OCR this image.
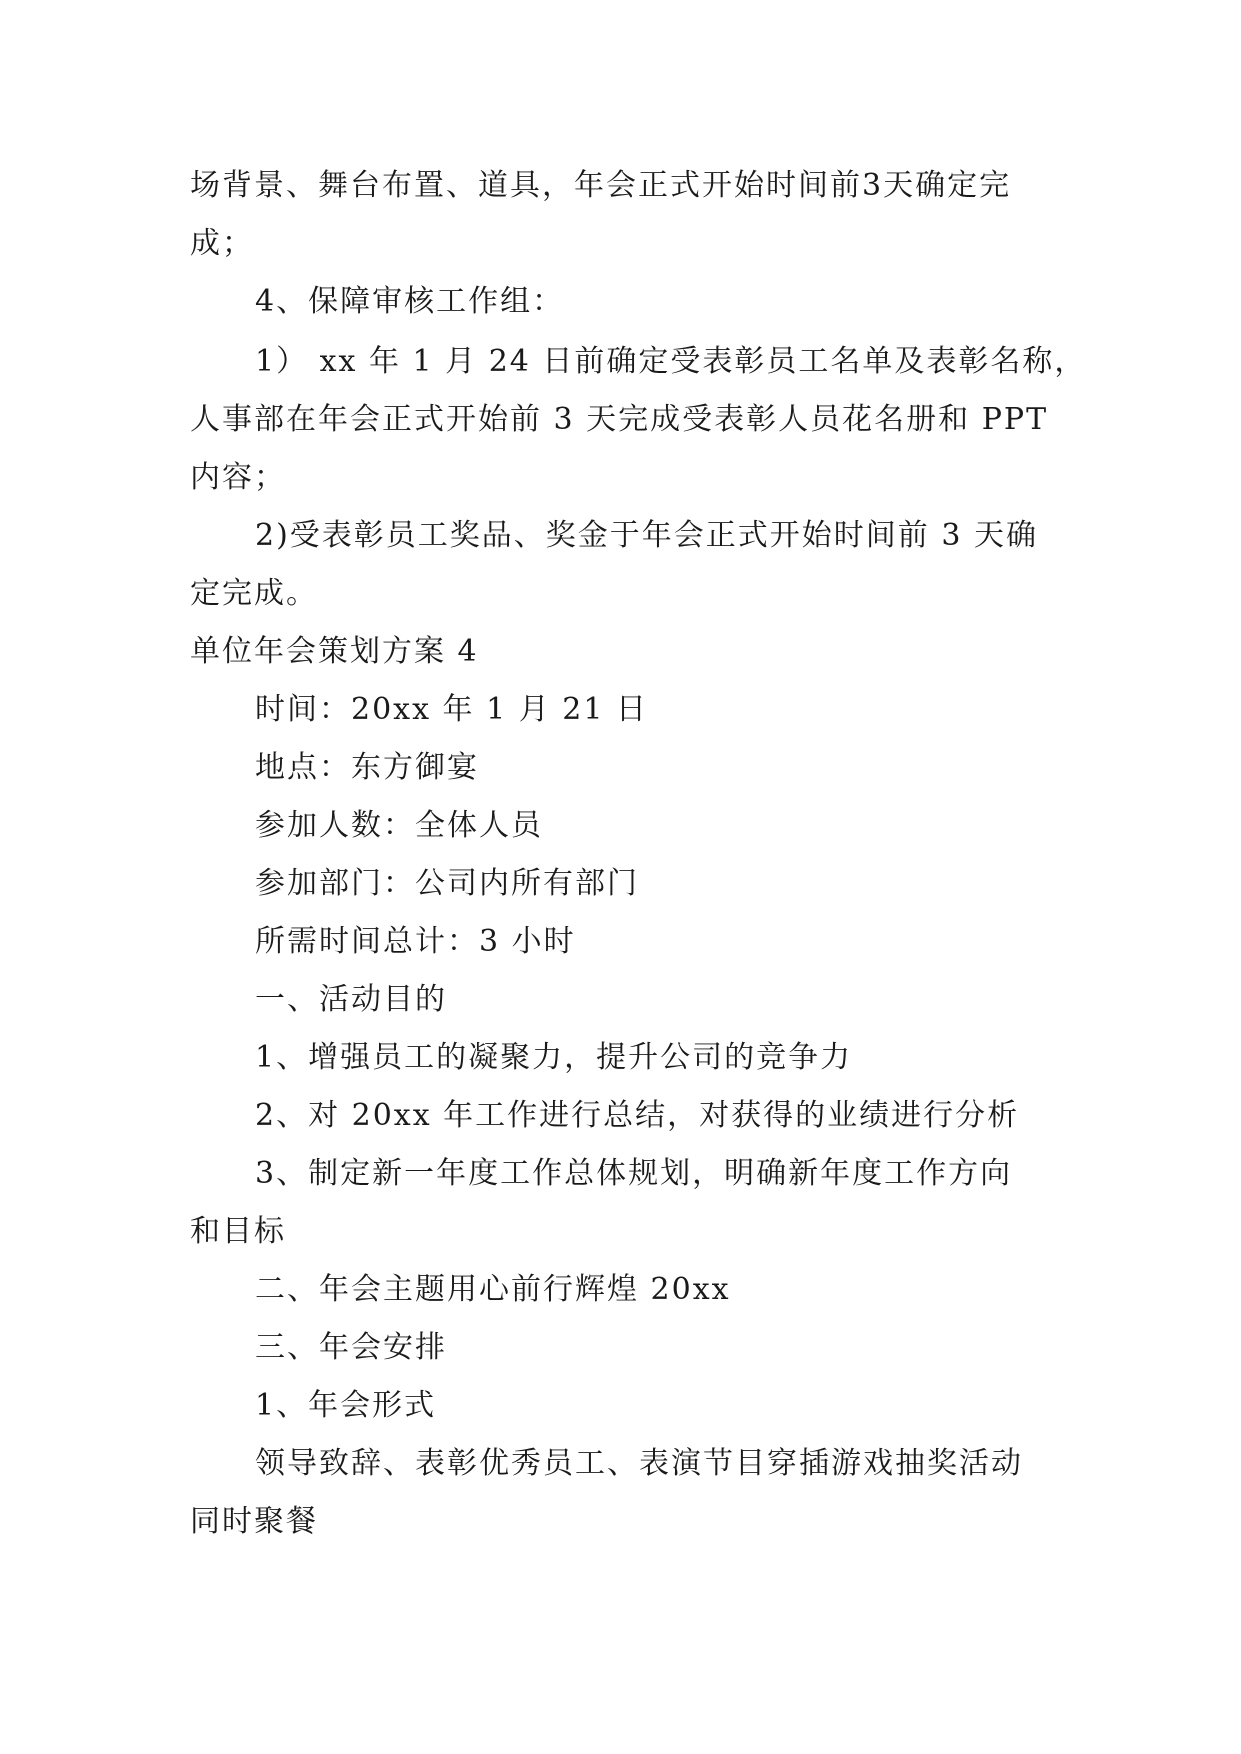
场背景、舞台布置、道具，年会正式开始时间前3天确定完
成；
4、保障审核工作组：
1） xx 年 1 月 24 日前确定受表彰员工名单及表彰名称，
人事部在年会正式开始前 3 天完成受表彰人员花名册和 PPT
内容；
2)受表彰员工奖品、奖金于年会正式开始时间前 3 天确
定完成。
单位年会策划方案 4
时间：20xx 年 1 月 21 日
地点：东方御宴
参加人数：全体人员
参加部门：公司内所有部门
所需时间总计：3 小时
一、活动目的
1、增强员工的凝聚力，提升公司的竞争力
2、对 20xx 年工作进行总结，对获得的业绩进行分析
3、制定新一年度工作总体规划，明确新年度工作方向
和目标
二、年会主题用心前行辉煌 20xx
三、年会安排
1、年会形式
领导致辞、表彰优秀员工、表演节目穿插游戏抽奖活动
同时聚餐
